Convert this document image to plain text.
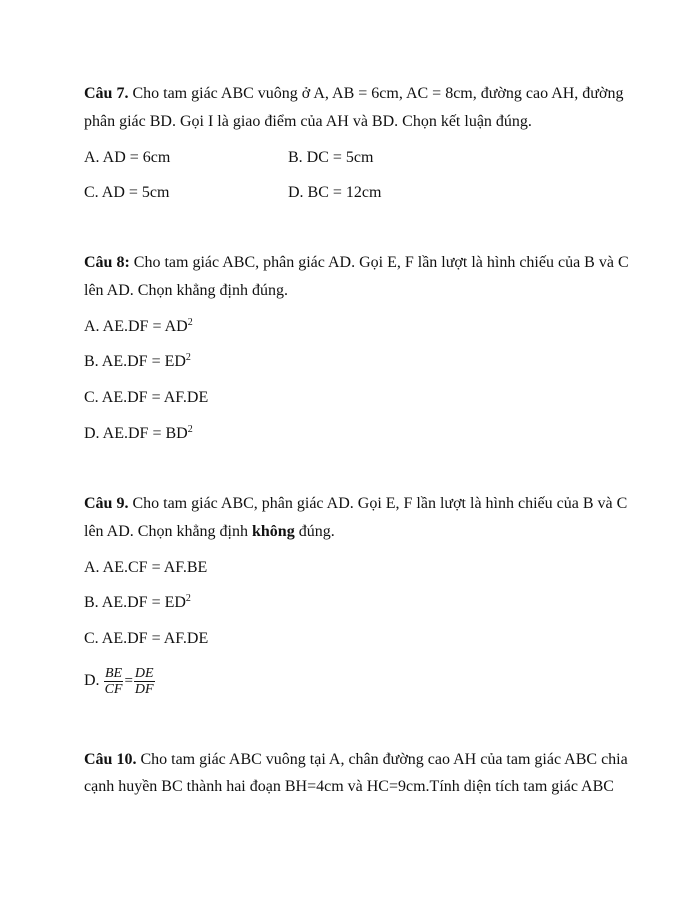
Câu 7. Cho tam giác ABC vuông ở A, AB = 6cm, AC = 8cm, đường cao AH, đường
phân giác BD. Gọi I là giao điểm của AH và BD. Chọn kết luận đúng.
A. AD = 6cm	B. DC = 5cm
C. AD = 5cm	D. BC = 12cm
Câu 8: Cho tam giác ABC, phân giác AD. Gọi E, F lần lượt là hình chiếu của B và C
lên AD. Chọn khẳng định đúng.
A. $AE.DF = AD^2$
B. $AE.DF = ED^2$
C. AE.DF = AF.DE
D. $AE.DF = BD^2$
Câu 9. Cho tam giác ABC, phân giác AD. Gọi E, F lần lượt là hình chiếu của B và C
lên AD. Chọn khẳng định không đúng.
A. AE.CF = AF.BE
B. $AE.DF = ED^2$
C. AE.DF = AF.DE
D. $\frac{BE}{CF} = \frac{DE}{DF}$
Câu 10. Cho tam giác ABC vuông tại A, chân đường cao AH của tam giác ABC chia
cạnh huyền BC thành hai đoạn BH=4cm và HC=9cm.Tính diện tích tam giác ABC
